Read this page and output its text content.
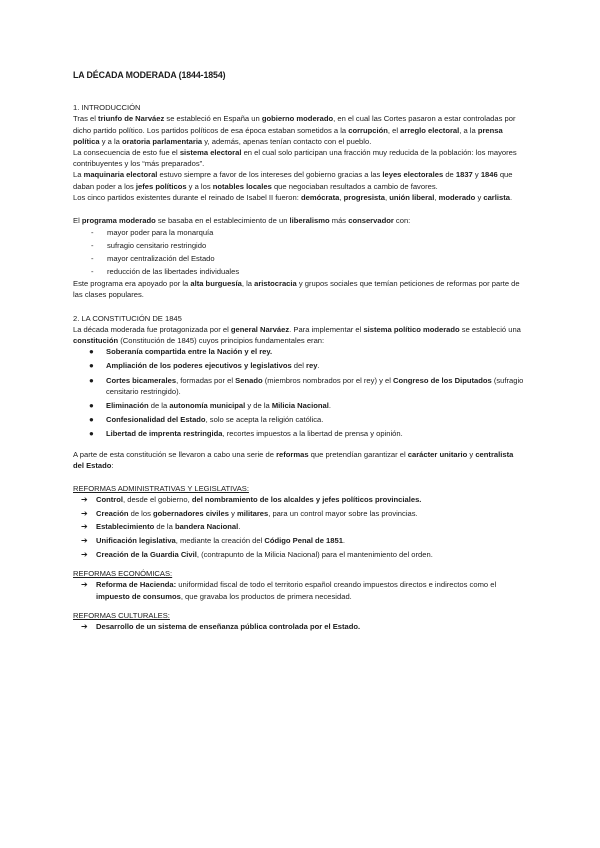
LA DÉCADA MODERADA (1844-1854)
1. INTRODUCCIÓN

Tras el triunfo de Narváez se estableció en España un gobierno moderado, en el cual las Cortes pasaron a estar controladas por dicho partido político. Los partidos políticos de esa época estaban sometidos a la corrupción, el arreglo electoral, a la prensa política y a la oratoria parlamentaria y, además, apenas tenían contacto con el pueblo.

La consecuencia de esto fue el sistema electoral en el cual solo participan una fracción muy reducida de la población: los mayores contribuyentes y los “más preparados”.

La maquinaria electoral estuvo siempre a favor de los intereses del gobierno gracias a las leyes electorales de 1837 y 1846 que daban poder a los jefes políticos y a los notables locales que negociaban resultados a cambio de favores.

Los cinco partidos existentes durante el reinado de Isabel II fueron: demócrata, progresista, unión liberal, moderado y carlista.

El programa moderado se basaba en el establecimiento de un liberalismo más conservador con:

- mayor poder para la monarquía
- sufragio censitario restringido
- mayor centralización del Estado
- reducción de las libertades individuales

Este programa era apoyado por la alta burguesía, la aristocracia y grupos sociales que temían peticiones de reformas por parte de las clases populares.

2. LA CONSTITUCIÓN DE 1845

La década moderada fue protagonizada por el general Narváez. Para implementar el sistema político moderado se estableció una constitución (Constitución de 1845) cuyos principios fundamentales eran:

● Soberanía compartida entre la Nación y el rey.
● Ampliación de los poderes ejecutivos y legislativos del rey.
● Cortes bicamerales, formadas por el Senado (miembros nombrados por el rey) y el Congreso de los Diputados (sufragio censitario restringido).
● Eliminación de la autonomía municipal y de la Milicia Nacional.
● Confesionalidad del Estado, solo se acepta la religión católica.
● Libertad de imprenta restringida, recortes impuestos a la libertad de prensa y opinión.

A parte de esta constitución se llevaron a cabo una serie de reformas que pretendían garantizar el carácter unitario y centralista del Estado:

REFORMAS ADMINISTRATIVAS Y LEGISLATIVAS:
➔ Control, desde el gobierno, del nombramiento de los alcaldes y jefes políticos provinciales.
➔ Creación de los gobernadores civiles y militares, para un control mayor sobre las provincias.
➔ Establecimiento de la bandera Nacional.
➔ Unificación legislativa, mediante la creación del Código Penal de 1851.
➔ Creación de la Guardia Civil, (contrapunto de la Milicia Nacional) para el mantenimiento del orden.
REFORMAS ECONÓMICAS:
➔ Reforma de Hacienda: uniformidad fiscal de todo el territorio español creando impuestos directos e indirectos como el impuesto de consumos, que gravaba los productos de primera necesidad.
REFORMAS CULTURALES:
➔ Desarrollo de un sistema de enseñanza pública controlada por el Estado.
